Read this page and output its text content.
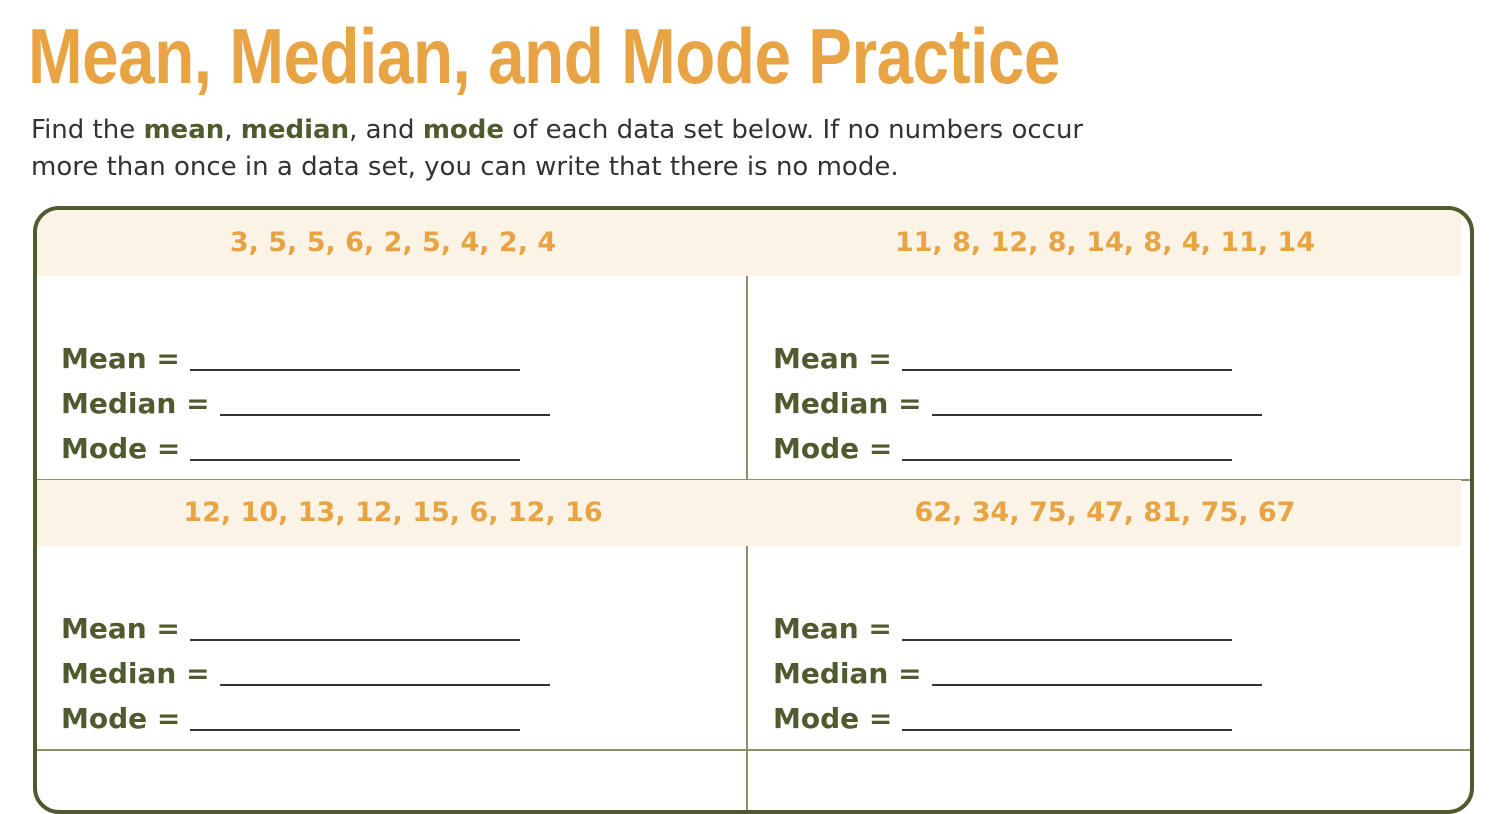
Mean, Median, and Mode Practice

Find the mean, median, and mode of each data set below. If no numbers occur more than once in a data set, you can write that there is no mode.

3, 5, 5, 6, 2, 5, 4, 2, 4
Mean =
Median =
Mode =
11, 8, 12, 8, 14, 8, 4, 11, 14
Mean =
Median =
Mode =
12, 10, 13, 12, 15, 6, 12, 16
Mean =
Median =
Mode =
62, 34, 75, 47, 81, 75, 67
Mean =
Median =
Mode =
